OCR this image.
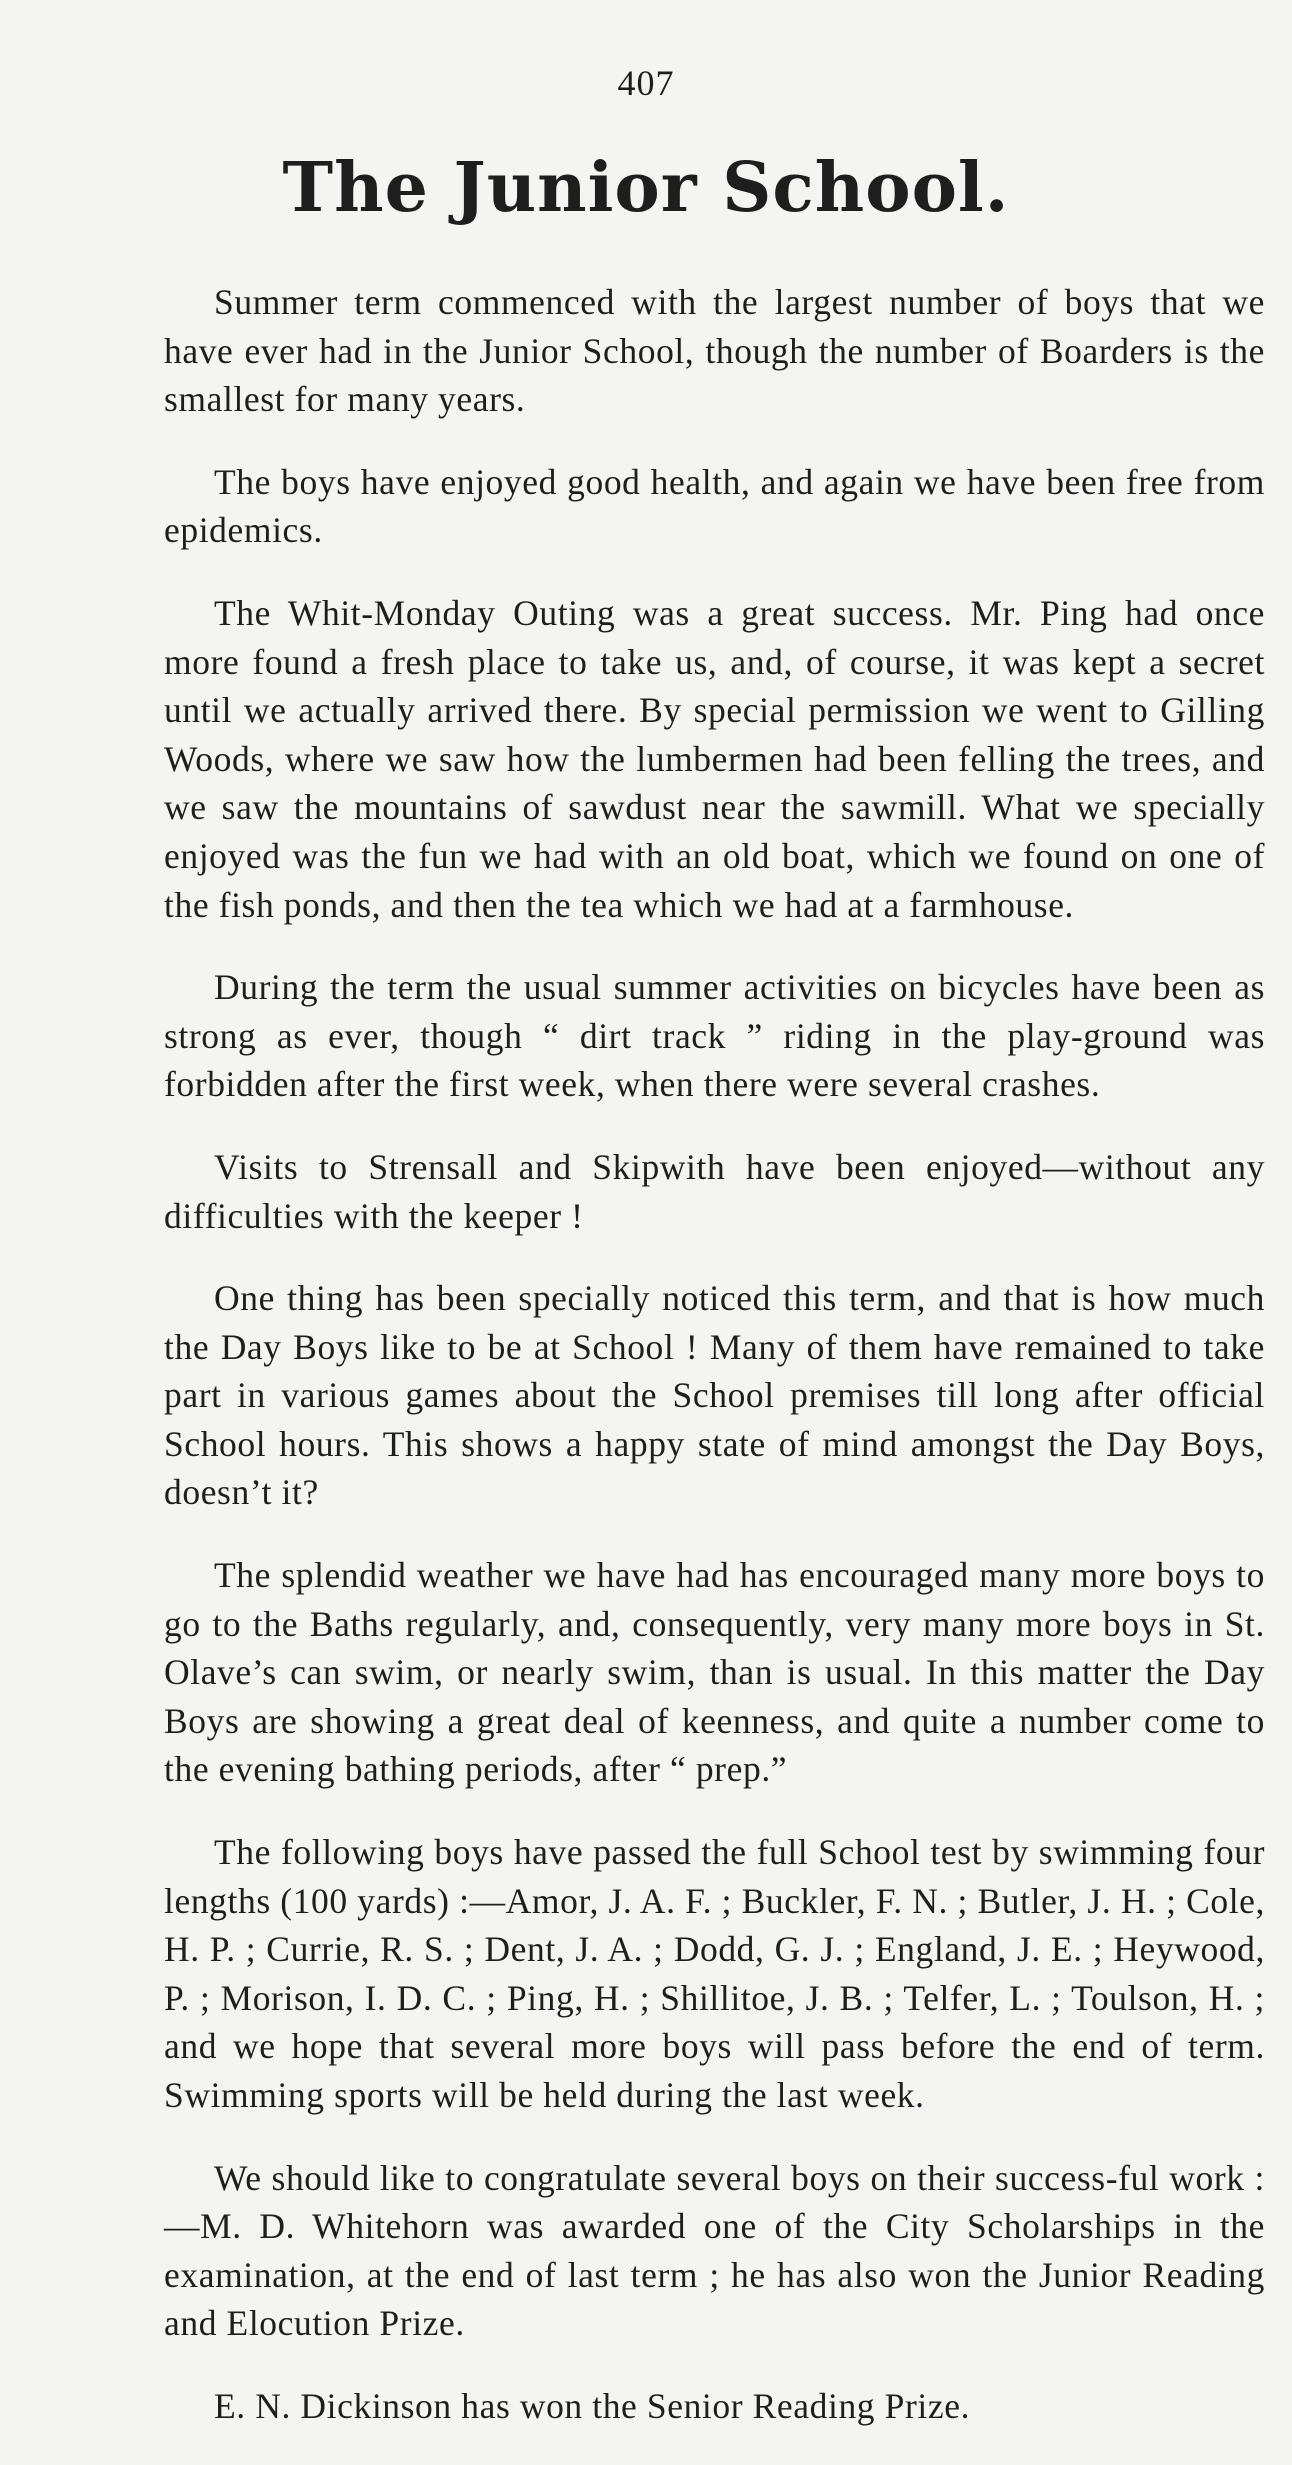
407
The Junior School.

Summer term commenced with the largest number of boys that we have ever had in the Junior School, though the number of Boarders is the smallest for many years.

The boys have enjoyed good health, and again we have been free from epidemics.

The Whit-Monday Outing was a great success. Mr. Ping had once more found a fresh place to take us, and, of course, it was kept a secret until we actually arrived there. By special permission we went to Gilling Woods, where we saw how the lumbermen had been felling the trees, and we saw the mountains of sawdust near the sawmill. What we specially enjoyed was the fun we had with an old boat, which we found on one of the fish ponds, and then the tea which we had at a farmhouse.

During the term the usual summer activities on bicycles have been as strong as ever, though “ dirt track ” riding in the play-ground was forbidden after the first week, when there were several crashes.

Visits to Strensall and Skipwith have been enjoyed—without any difficulties with the keeper !

One thing has been specially noticed this term, and that is how much the Day Boys like to be at School ! Many of them have remained to take part in various games about the School premises till long after official School hours. This shows a happy state of mind amongst the Day Boys, doesn’t it?

The splendid weather we have had has encouraged many more boys to go to the Baths regularly, and, consequently, very many more boys in St. Olave’s can swim, or nearly swim, than is usual. In this matter the Day Boys are showing a great deal of keenness, and quite a number come to the evening bathing periods, after “ prep.”

The following boys have passed the full School test by swimming four lengths (100 yards) :—Amor, J. A. F. ; Buckler, F. N. ; Butler, J. H. ; Cole, H. P. ; Currie, R. S. ; Dent, J. A. ; Dodd, G. J. ; England, J. E. ; Heywood, P. ; Morison, I. D. C. ; Ping, H. ; Shillitoe, J. B. ; Telfer, L. ; Toulson, H. ; and we hope that several more boys will pass before the end of term. Swimming sports will be held during the last week.

We should like to congratulate several boys on their success-ful work :—M. D. Whitehorn was awarded one of the City Scholarships in the examination, at the end of last term ; he has also won the Junior Reading and Elocution Prize.

E. N. Dickinson has won the Senior Reading Prize.
